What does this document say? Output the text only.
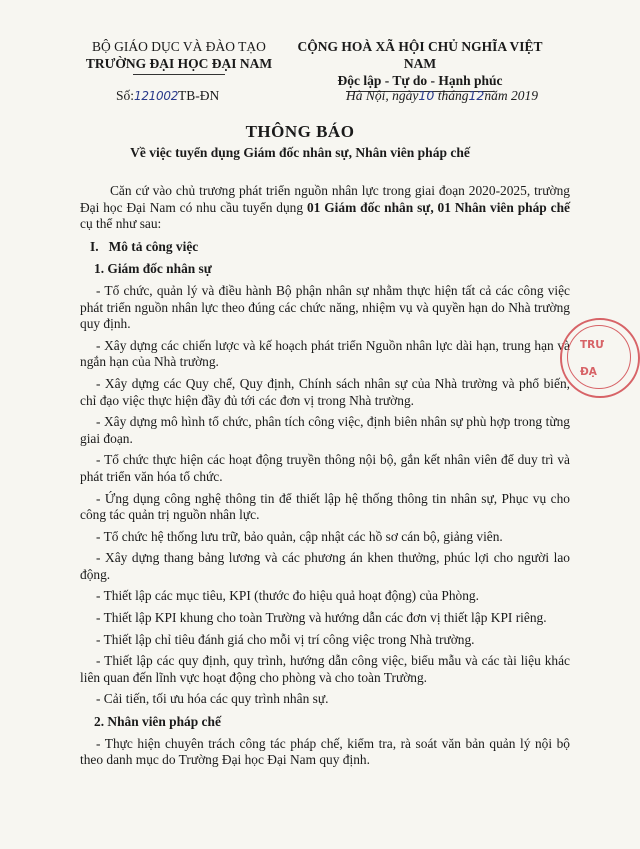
BỘ GIÁO DỤC VÀ ĐÀO TẠO
TRƯỜNG ĐẠI HỌC ĐẠI NAM
CỘNG HOÀ XÃ HỘI CHỦ NGHĨA VIỆT NAM
Độc lập - Tự do - Hạnh phúc
Số:121002TB-ĐN	Hà Nội, ngày10 tháng12năm 2019
THÔNG BÁO
Về việc tuyển dụng Giám đốc nhân sự, Nhân viên pháp chế

Căn cứ vào chủ trương phát triển nguồn nhân lực trong giai đoạn 2020-2025, trường Đại học Đại Nam có nhu cầu tuyển dụng 01 Giám đốc nhân sự, 01 Nhân viên pháp chế cụ thể như sau:

I. Mô tả công việc

1. Giám đốc nhân sự

- Tổ chức, quản lý và điều hành Bộ phận nhân sự nhằm thực hiện tất cả các công việc phát triển nguồn nhân lực theo đúng các chức năng, nhiệm vụ và quyền hạn do Nhà trường quy định.

- Xây dựng các chiến lược và kế hoạch phát triển Nguồn nhân lực dài hạn, trung hạn và ngắn hạn của Nhà trường.

- Xây dựng các Quy chế, Quy định, Chính sách nhân sự của Nhà trường và phổ biến, chỉ đạo việc thực hiện đầy đủ tới các đơn vị trong Nhà trường.

- Xây dựng mô hình tổ chức, phân tích công việc, định biên nhân sự phù hợp trong từng giai đoạn.

- Tổ chức thực hiện các hoạt động truyền thông nội bộ, gắn kết nhân viên để duy trì và phát triển văn hóa tổ chức.

- Ứng dụng công nghệ thông tin để thiết lập hệ thống thông tin nhân sự, Phục vụ cho công tác quản trị nguồn nhân lực.

- Tổ chức hệ thống lưu trữ, bảo quản, cập nhật các hồ sơ cán bộ, giảng viên.

- Xây dựng thang bảng lương và các phương án khen thưởng, phúc lợi cho người lao động.

- Thiết lập các mục tiêu, KPI (thước đo hiệu quả hoạt động) của Phòng.

- Thiết lập KPI khung cho toàn Trường và hướng dẫn các đơn vị thiết lập KPI riêng.

- Thiết lập chỉ tiêu đánh giá cho mỗi vị trí công việc trong Nhà trường.

- Thiết lập các quy định, quy trình, hướng dẫn công việc, biểu mẫu và các tài liệu khác liên quan đến lĩnh vực hoạt động cho phòng và cho toàn Trường.

- Cải tiến, tối ưu hóa các quy trình nhân sự.

2. Nhân viên pháp chế

- Thực hiện chuyên trách công tác pháp chế, kiểm tra, rà soát văn bản quản lý nội bộ theo danh mục do Trường Đại học Đại Nam quy định.

TRƯ
ĐẠ
